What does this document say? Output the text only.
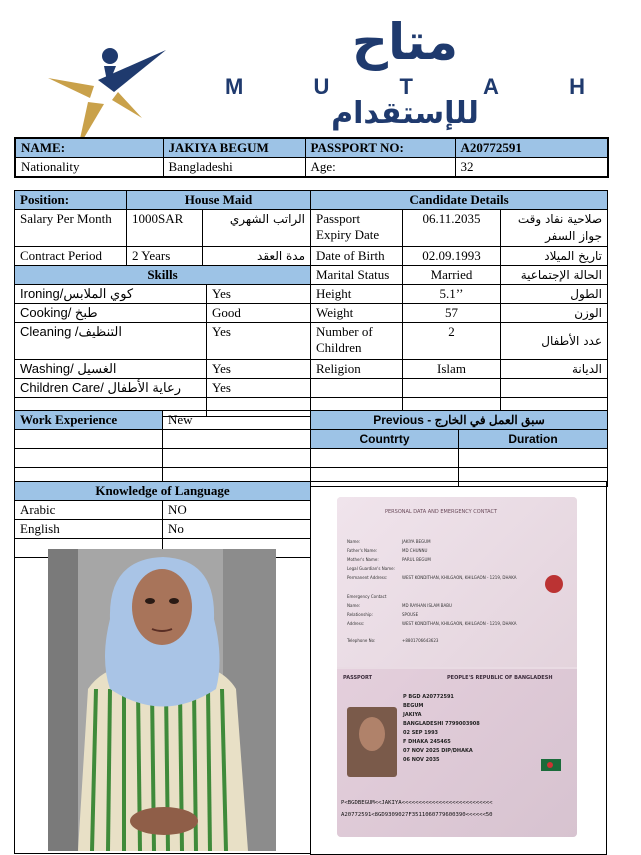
متاح
M	U	T	A	H
للإستقدام
NAME:	JAKIYA BEGUM	PASSPORT NO:	A20772591
Nationality	Bangladeshi	Age:	32
Position:	House Maid	
Salary Per Month	1000SAR	الراتب الشهري
Contract Period	2 Years	مدة العقد
Skills		
Ironing/كوي الملابس	Yes
Cooking/ طبخ	Good
Cleaning /التنظيف	Yes
Washing/ الغسيل	Yes
Children Care/ رعاية الأطفال	Yes

Candidate Details		
Passport Expiry Date	06.11.2035	صلاحية نفاد وقت جواز السفر
Date of Birth	02.09.1993	تاريخ الميلاد
Marital Status	Married	الحالة الإجتماعية
Height	5.1’’	الطول
Weight	57	الوزن
Number of Children	2	عدد الأطفال
Religion	Islam	الديانة

Work Experience	New

		Previous - سبق العمل في الخارج	
Countrty	Duration

Knowledge of Language	
Arabic	NO
English	No

PERSONAL DATA AND EMERGENCY CONTACT
Name:	JAKIYA BEGUM
Father's Name:	MD CHUNNU
Mother's Name:	PARUL BEGUM
Legal Guardian's Name:
Permanent Address:	WEST KONDITHAN, KHILGAON, KHILGAON - 1219, DHAKA
Emergency Contact
Name:	MD RAYHAN ISLAM BABU
Relationship:	SPOUSE
Address:	WEST KONDITHAN, KHILGAON, KHILGAON - 1219, DHAKA
Telephone No:	+8801706643623
PASSPORT	PEOPLE'S REPUBLIC OF BANGLADESH
P BGD A20772591
BEGUM
JAKIYA
BANGLADESHI 7799003908
02 SEP 1993
F DHAKA 245465
07 NOV 2025 DIP/DHAKA
06 NOV 2035
P<BGDBEGUM<<JAKIYA<<<<<<<<<<<<<<<<<<<<<<<<<<<
A20772591<8GD9309027F3511060779600390<<<<<<50
